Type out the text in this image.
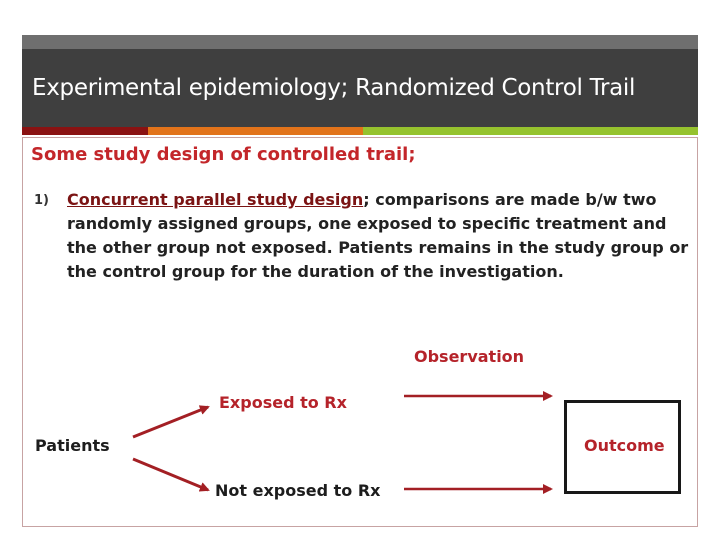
Experimental epidemiology; Randomized Control Trail
Some study design of controlled trail;
1) Concurrent parallel study design; comparisons are made b/w two randomly assigned groups, one exposed to specific treatment and the other group not exposed. Patients remains in the study group or the control group for the duration of the investigation.
Observation
Exposed to Rx
Patients
Not exposed to Rx
Outcome
